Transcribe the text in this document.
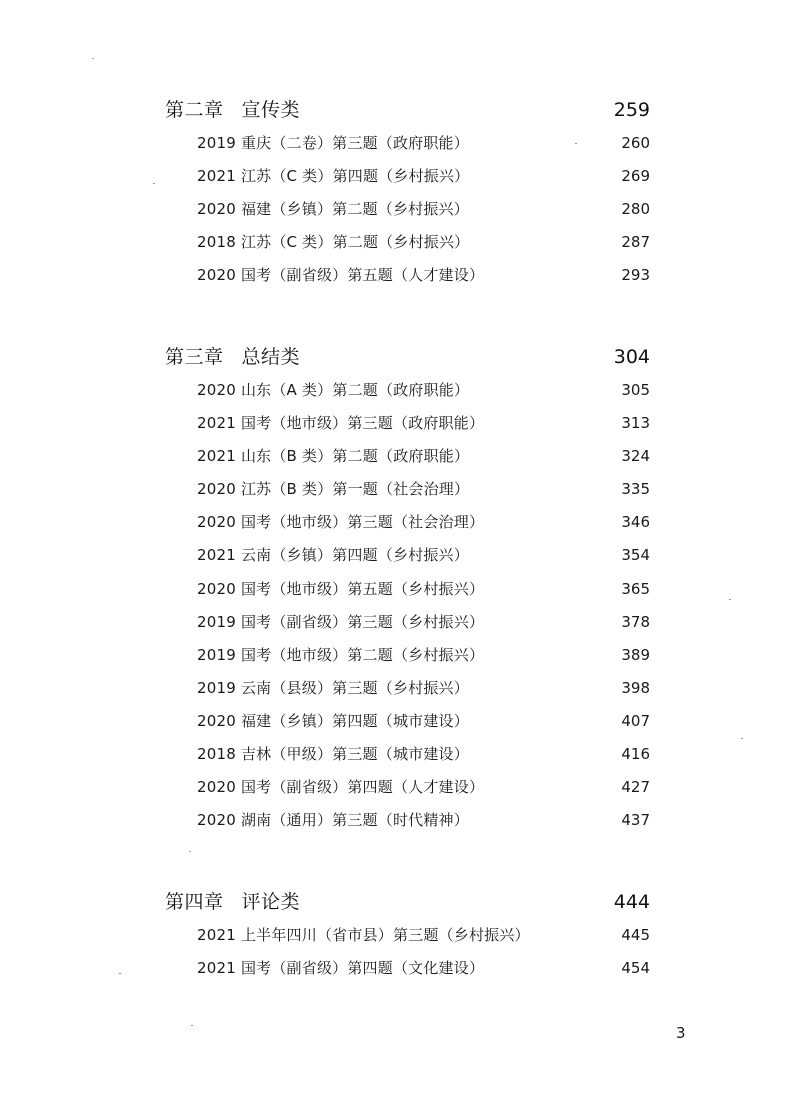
第二章 宣传类	259
2019 重庆（二卷）第三题（政府职能）	260
2021 江苏（C 类）第四题（乡村振兴）	269
2020 福建（乡镇）第二题（乡村振兴）	280
2018 江苏（C 类）第二题（乡村振兴）	287
2020 国考（副省级）第五题（人才建设）	293
第三章 总结类	304
2020 山东（A 类）第二题（政府职能）	305
2021 国考（地市级）第三题（政府职能）	313
2021 山东（B 类）第二题（政府职能）	324
2020 江苏（B 类）第一题（社会治理）	335
2020 国考（地市级）第三题（社会治理）	346
2021 云南（乡镇）第四题（乡村振兴）	354
2020 国考（地市级）第五题（乡村振兴）	365
2019 国考（副省级）第三题（乡村振兴）	378
2019 国考（地市级）第二题（乡村振兴）	389
2019 云南（县级）第三题（乡村振兴）	398
2020 福建（乡镇）第四题（城市建设）	407
2018 吉林（甲级）第三题（城市建设）	416
2020 国考（副省级）第四题（人才建设）	427
2020 湖南（通用）第三题（时代精神）	437
第四章 评论类	444
2021 上半年四川（省市县）第三题（乡村振兴）	445
2021 国考（副省级）第四题（文化建设）	454
3
